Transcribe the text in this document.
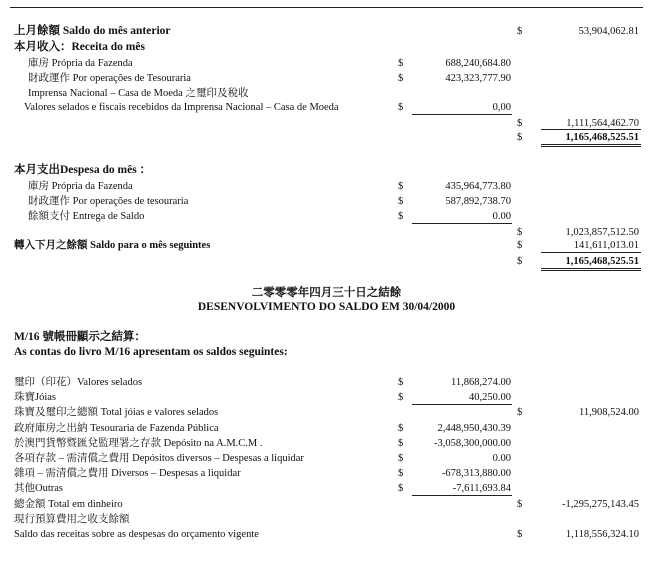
上月餘額 Saldo do mês anterior	$	53,904,062.81
本月收入：Receita do mês
庫房 Própria da Fazenda	$	688,240,684.80
財政運作 Por operações de Tesouraria	$	423,323,777.90
Imprensa Nacional – Casa de Moeda 之璽印及稅收
Valores selados e fiscais recebidos da Imprensa Nacional – Casa de Moeda	$	0,00
$	1,111,564,462.70
$	1,165,468,525.51
本月支出Despesa do mês ：
庫房 Própria da Fazenda	$	435,964,773.80
財政運作 Por operações de tesouraria	$	587,892,738.70
餘額支付 Entrega de Saldo	$	0.00
$	1,023,857,512.50
轉入下月之餘額 Saldo para o mês seguintes	$	141,611,013.01
$	1,165,468,525.51
二零零零年四月三十日之結餘
DESENVOLVIMENTO DO SALDO EM 30/04/2000
M/16 號帳冊顯示之結算：
As contas do livro M/16 apresentam os saldos seguintes:
璽印（印花）Valores selados	$	11,868,274.00
珠寶Jóias	$	40,250.00
珠寶及璽印之總額 Total jóias e valores selados	$	11,908,524.00
政府庫房之出納 Tesouraria de Fazenda Pública	$	2,448,950,430.39
於澳門貨幣暨匯兌監理署之存款 Depósito na A.M.C.M .	$	-3,058,300,000.00
各項存款 – 需清償之費用 Depósitos diversos – Despesas a liquidar	$	0.00
雜項 – 需清償之費用 Diversos – Despesas a liquidar	$	-678,313,880.00
其他Outras	$	-7,611,693.84
總金額 Total em dinheiro	$	-1,295,275,143.45
現行預算費用之收支餘額
Saldo das receitas sobre as despesas do orçamento vigente	$	1,118,556,324.10
